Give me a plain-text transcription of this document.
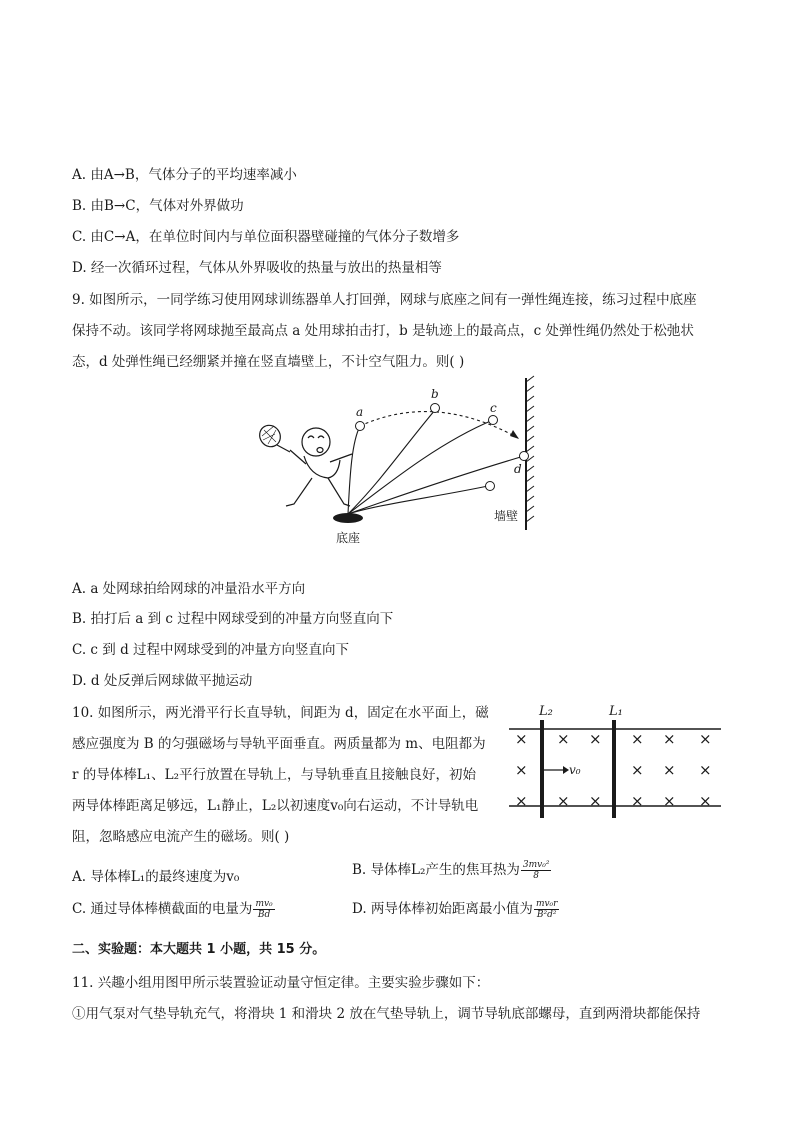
A. 由A→B，气体分子的平均速率减小
B. 由B→C，气体对外界做功
C. 由C→A，在单位时间内与单位面积器壁碰撞的气体分子数增多
D. 经一次循环过程，气体从外界吸收的热量与放出的热量相等
9. 如图所示，一同学练习使用网球训练器单人打回弹，网球与底座之间有一弹性绳连接，练习过程中底座
保持不动。该同学将网球抛至最高点 a 处用球拍击打，b 是轨迹上的最高点，c 处弹性绳仍然处于松弛状
态，d 处弹性绳已经绷紧并撞在竖直墙壁上，不计空气阻力。则( )
a
b
c
d
底座
墙壁
A. a 处网球拍给网球的冲量沿水平方向
B. 拍打后 a 到 c 过程中网球受到的冲量方向竖直向下
C. c 到 d 过程中网球受到的冲量方向竖直向下
D. d 处反弹后网球做平抛运动
10. 如图所示，两光滑平行长直导轨，间距为 d，固定在水平面上，磁
感应强度为 B 的匀强磁场与导轨平面垂直。两质量都为 m、电阻都为
r 的导体棒L₁、L₂平行放置在导轨上，与导轨垂直且接触良好，初始
两导体棒距离足够远，L₁静止，L₂以初速度v₀向右运动，不计导轨电
阻，忽略感应电流产生的磁场。则( )
× × × × × ×
×	× × ×
× × × × × ×
v₀
L₂	L₁
A. 导体棒L₁的最终速度为v₀	B. 导体棒L₂产生的焦耳热为 $\frac{\text{3mv₀²}}{8}$
C. 通过导体棒横截面的电量为 $\frac{\text{mv₀}}{Bd}$	D. 两导体棒初始距离最小值为 $\frac{\text{mv₀r}}{\text{B²d²}}$
二、实验题：本大题共 1 小题，共 15 分。
11. 兴趣小组用图甲所示装置验证动量守恒定律。主要实验步骤如下：
①用气泵对气垫导轨充气，将滑块 1 和滑块 2 放在气垫导轨上，调节导轨底部螺母，直到两滑块都能保持
